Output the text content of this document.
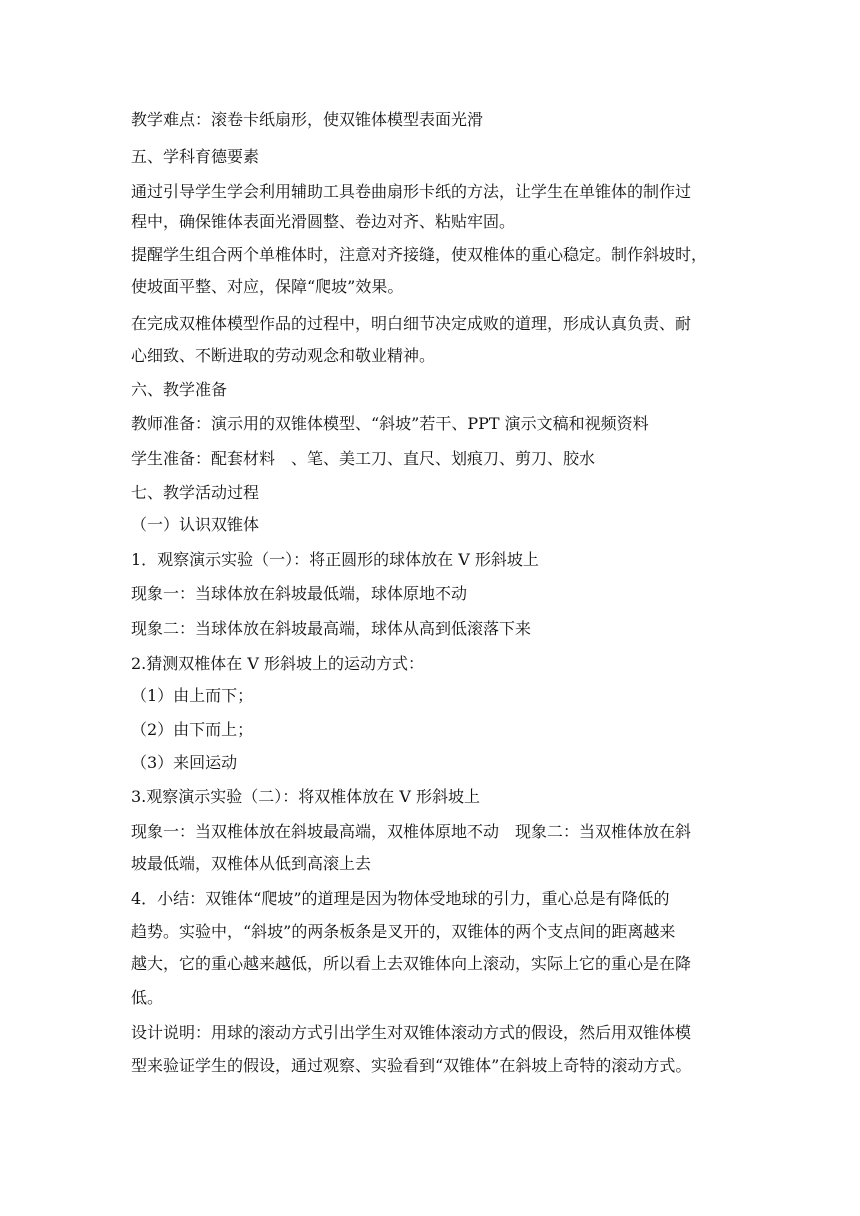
教学难点：滚卷卡纸扇形，使双锥体模型表面光滑
五、学科育德要素
通过引导学生学会利用辅助工具卷曲扇形卡纸的方法，让学生在单锥体的制作过
程中，确保锥体表面光滑圆整、卷边对齐、粘贴牢固。
提醒学生组合两个单椎体时，注意对齐接缝，使双椎体的重心稳定。制作斜坡时，
使坡面平整、对应，保障“爬坡”效果。
在完成双椎体模型作品的过程中，明白细节决定成败的道理，形成认真负责、耐
心细致、不断进取的劳动观念和敬业精神。
六、教学准备
教师准备：演示用的双锥体模型、“斜坡”若干、PPT 演示文稿和视频资料
学生准备：配套材料　、笔、美工刀、直尺、划痕刀、剪刀、胶水
七、教学活动过程
（一）认识双锥体
1．观察演示实验（一）：将正圆形的球体放在 V 形斜坡上
现象一：当球体放在斜坡最低端，球体原地不动
现象二：当球体放在斜坡最高端，球体从高到低滚落下来
2.猜测双椎体在 V 形斜坡上的运动方式：
（1）由上而下；
（2）由下而上；
（3）来回运动
3.观察演示实验（二）：将双椎体放在 V 形斜坡上
现象一：当双椎体放在斜坡最高端，双椎体原地不动　现象二：当双椎体放在斜
坡最低端，双椎体从低到高滚上去
4．小结：双锥体“爬坡”的道理是因为物体受地球的引力，重心总是有降低的
趋势。实验中，“斜坡”的两条板条是叉开的，双锥体的两个支点间的距离越来
越大，它的重心越来越低，所以看上去双锥体向上滚动，实际上它的重心是在降
低。
设计说明：用球的滚动方式引出学生对双锥体滚动方式的假设，然后用双锥体模
型来验证学生的假设，通过观察、实验看到“双锥体”在斜坡上奇特的滚动方式。
